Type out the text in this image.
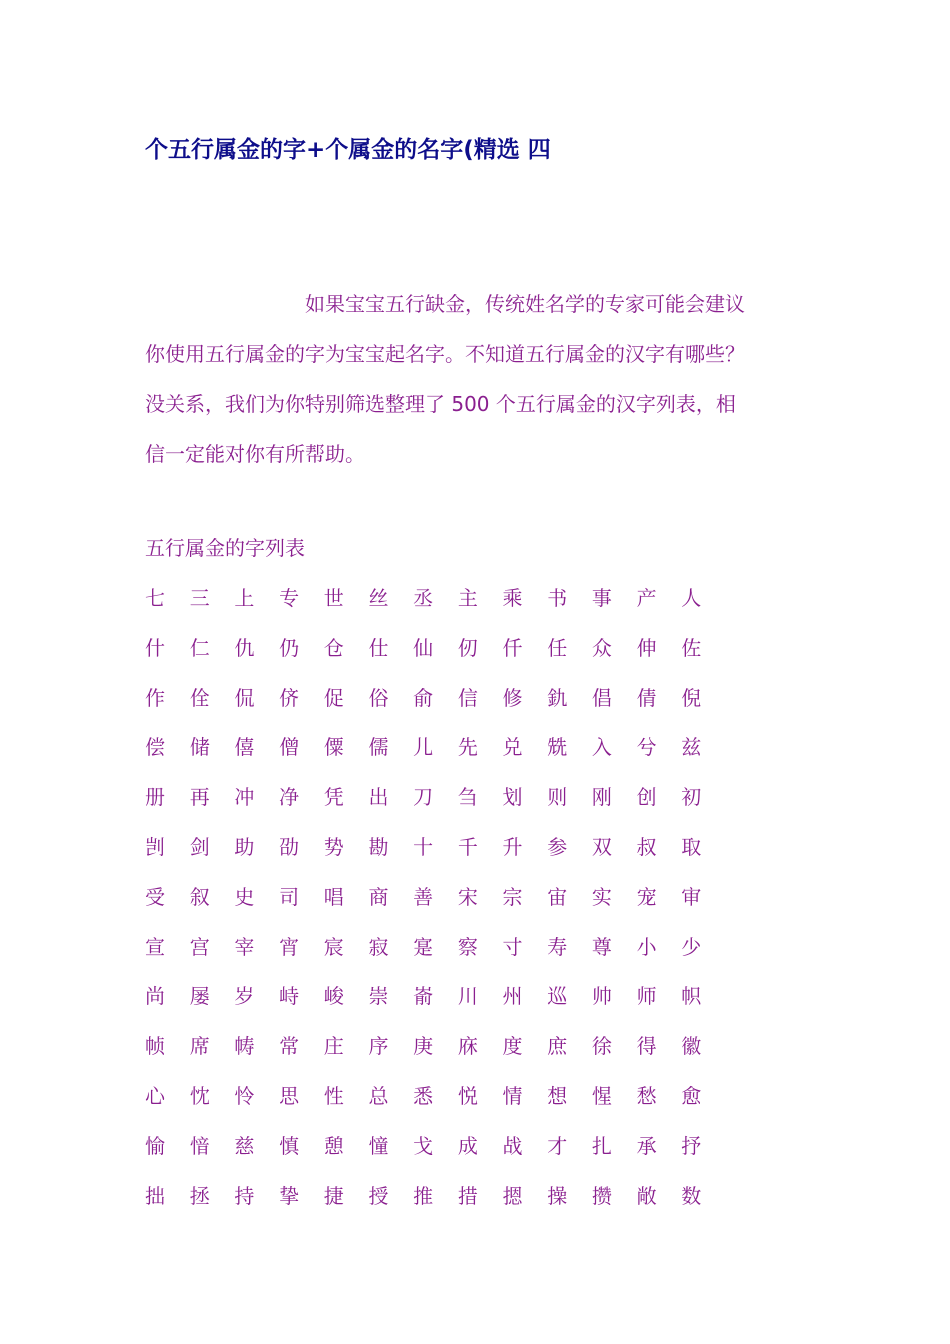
个五行属金的字+个属金的名字(精选 四

如果宝宝五行缺金，传统姓名学的专家可能会建议
你使用五行属金的字为宝宝起名字。不知道五行属金的汉字有哪些？
没关系，我们为你特别筛选整理了 500 个五行属金的汉字列表，相
信一定能对你有所帮助。

五行属金的字列表
七	三	上	专	世	丝	丞	主	乘	书	事	产	人
什	仁	仇	仍	仓	仕	仙	仞	仟	任	众	伸	佐
作	佺	侃	侪	促	俗	俞	信	修	釚	倡	倩	倪
偿	储	僖	僧	僳	儒	儿	先	兑	兟	入	兮	兹
册	再	冲	净	凭	出	刀	刍	划	则	刚	创	初
剀	剑	助	劭	势	勘	十	千	升	参	双	叔	取
受	叙	史	司	唱	商	善	宋	宗	宙	实	宠	审
宣	宫	宰	宵	宸	寂	寔	察	寸	寿	尊	小	少
尚	屡	岁	峙	峻	崇	嵛	川	州	巡	帅	师	帜
帧	席	帱	常	庄	序	庚	庥	度	庶	徐	得	徽
心	忱	怜	思	性	总	悉	悦	情	想	惺	愁	愈
愉	愔	慈	慎	憩	憧	戈	成	战	才	扎	承	抒
拙	拯	持	挚	捷	授	推	措	摁	操	攒	敞	数
